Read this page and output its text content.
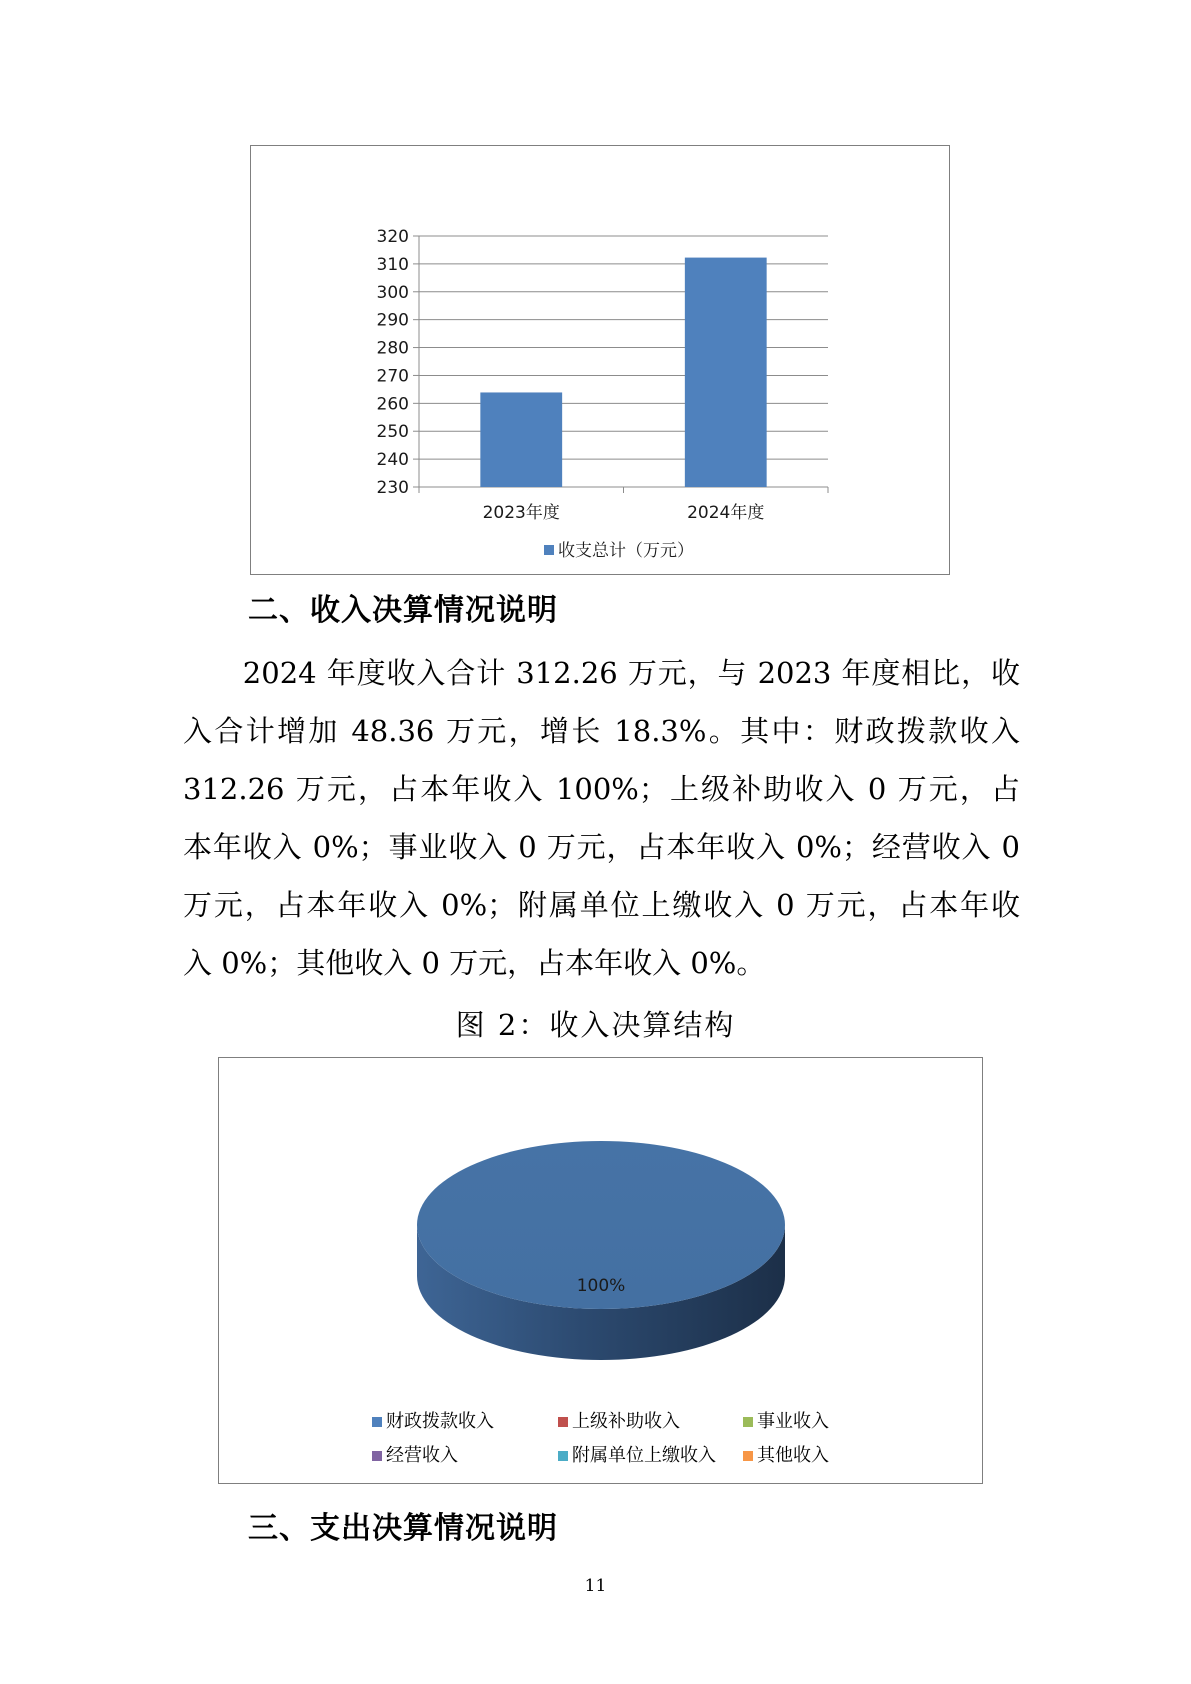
320
310
300
290
280
270
260
250
240
230
2023年度	2024年度
收支总计（万元）
二、收入决算情况说明
　　2024 年度收入合计 312.26 万元，与 2023 年度相比，收
入合计增加 48.36 万元，增长 18.3%。其中：财政拨款收入
312.26 万元，占本年收入 100%；上级补助收入 0 万元，占
本年收入 0%；事业收入 0 万元，占本年收入 0%；经营收入 0
万元，占本年收入 0%；附属单位上缴收入 0 万元，占本年收
入 0%；其他收入 0 万元，占本年收入 0%。
图 2：收入决算结构
100%
财政拨款收入	上级补助收入	事业收入
经营收入	附属单位上缴收入	其他收入
三、支出决算情况说明
11
